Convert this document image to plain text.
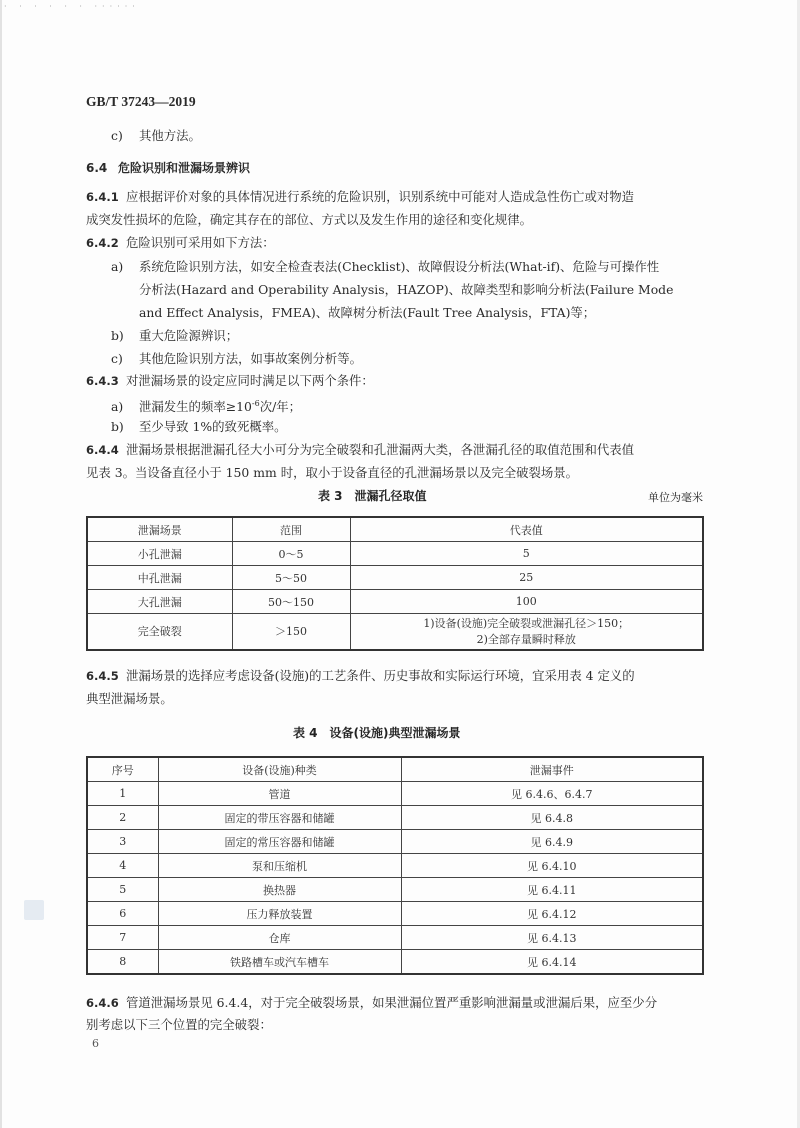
· · · · · · ······
GB/T 37243—2019
c) 其他方法。
6.4 危险识别和泄漏场景辨识
6.4.1 应根据评价对象的具体情况进行系统的危险识别，识别系统中可能对人造成急性伤亡或对物造
成突发性损坏的危险，确定其存在的部位、方式以及发生作用的途径和变化规律。
6.4.2 危险识别可采用如下方法：
a) 系统危险识别方法，如安全检查表法(Checklist)、故障假设分析法(What-if)、危险与可操作性
分析法(Hazard and Operability Analysis，HAZOP)、故障类型和影响分析法(Failure Mode
and Effect Analysis，FMEA)、故障树分析法(Fault Tree Analysis，FTA)等；
b) 重大危险源辨识；
c) 其他危险识别方法，如事故案例分析等。
6.4.3 对泄漏场景的设定应同时满足以下两个条件：
a) 泄漏发生的频率$\ge 10^{-6}$次/年；
b) 至少导致 1%的致死概率。
6.4.4 泄漏场景根据泄漏孔径大小可分为完全破裂和孔泄漏两大类，各泄漏孔径的取值范围和代表值
见表 3。当设备直径小于 150 mm 时，取小于设备直径的孔泄漏场景以及完全破裂场景。
表 3　泄漏孔径取值	单位为毫米
泄漏场景	范围	代表值
小孔泄漏	0～5	5
中孔泄漏	5～50	25
大孔泄漏	50～150	100
完全破裂	＞150	1)设备(设施)完全破裂或泄漏孔径＞150；
2)全部存量瞬时释放
6.4.5 泄漏场景的选择应考虑设备(设施)的工艺条件、历史事故和实际运行环境，宜采用表 4 定义的
典型泄漏场景。
表 4　设备(设施)典型泄漏场景
序号	设备(设施)种类	泄漏事件
1	管道	见 6.4.6、6.4.7
2	固定的带压容器和储罐	见 6.4.8
3	固定的常压容器和储罐	见 6.4.9
4	泵和压缩机	见 6.4.10
5	换热器	见 6.4.11
6	压力释放装置	见 6.4.12
7	仓库	见 6.4.13
8	铁路槽车或汽车槽车	见 6.4.14
6.4.6 管道泄漏场景见 6.4.4，对于完全破裂场景，如果泄漏位置严重影响泄漏量或泄漏后果，应至少分
别考虑以下三个位置的完全破裂：
6
